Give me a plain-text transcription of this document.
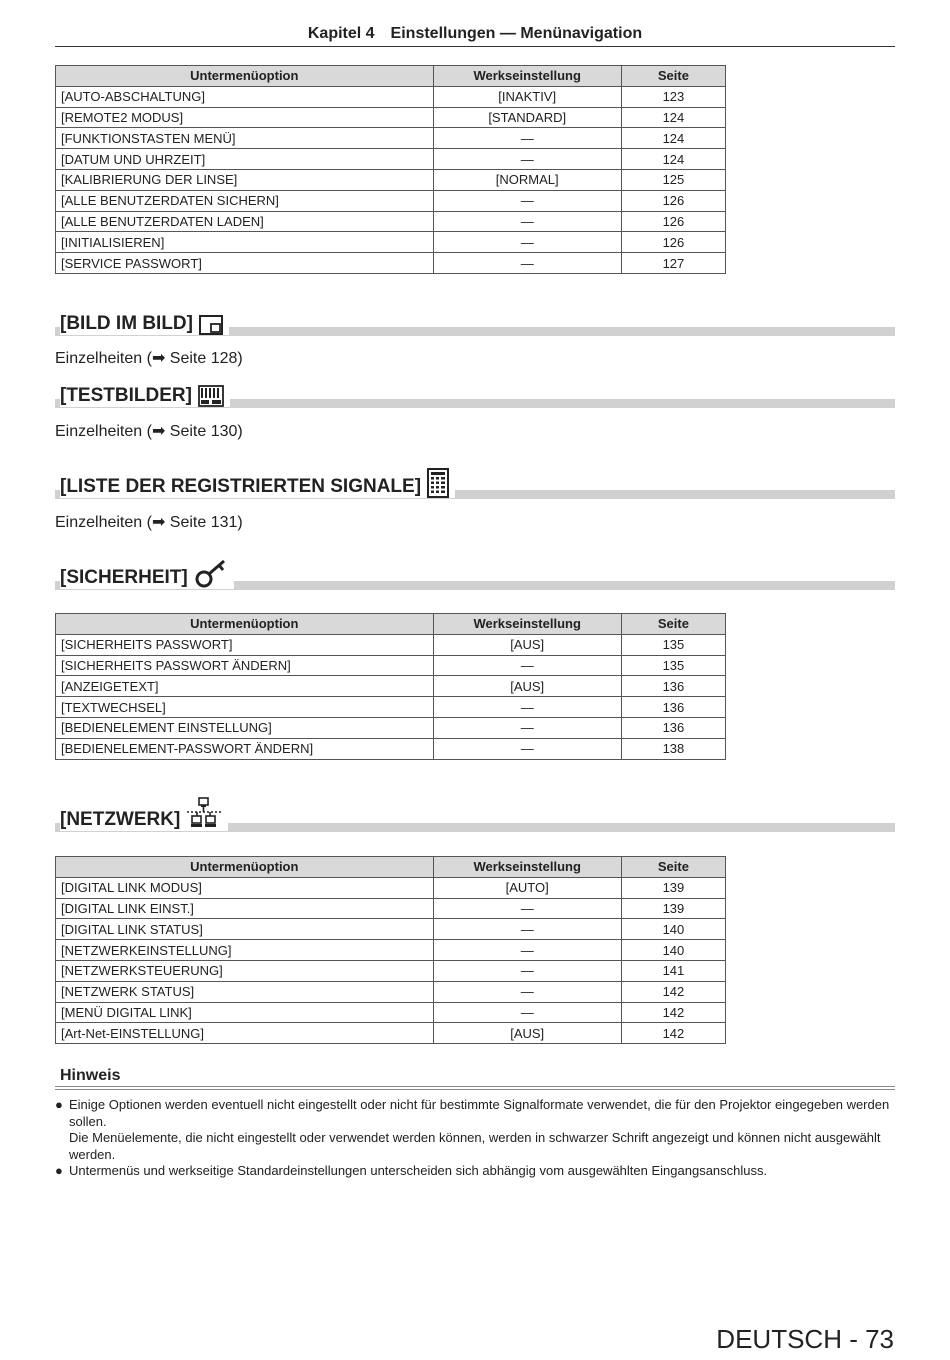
Kapitel 4 Einstellungen — Menünavigation
Untermenüoption	Werkseinstellung	Seite
[AUTO-ABSCHALTUNG]	[INAKTIV]	123
[REMOTE2 MODUS]	[STANDARD]	124
[FUNKTIONSTASTEN MENÜ]	—	124
[DATUM UND UHRZEIT]	—	124
[KALIBRIERUNG DER LINSE]	[NORMAL]	125
[ALLE BENUTZERDATEN SICHERN]	—	126
[ALLE BENUTZERDATEN LADEN]	—	126
[INITIALISIEREN]	—	126
[SERVICE PASSWORT]	—	127
[BILD IM BILD]
Einzelheiten (➡ Seite 128)
[TESTBILDER]
Einzelheiten (➡ Seite 130)
[LISTE DER REGISTRIERTEN SIGNALE]
Einzelheiten (➡ Seite 131)
[SICHERHEIT]
Untermenüoption	Werkseinstellung	Seite
[SICHERHEITS PASSWORT]	[AUS]	135
[SICHERHEITS PASSWORT ÄNDERN]	—	135
[ANZEIGETEXT]	[AUS]	136
[TEXTWECHSEL]	—	136
[BEDIENELEMENT EINSTELLUNG]	—	136
[BEDIENELEMENT-PASSWORT ÄNDERN]	—	138
[NETZWERK]
Untermenüoption	Werkseinstellung	Seite
[DIGITAL LINK MODUS]	[AUTO]	139
[DIGITAL LINK EINST.]	—	139
[DIGITAL LINK STATUS]	—	140
[NETZWERKEINSTELLUNG]	—	140
[NETZWERKSTEUERUNG]	—	141
[NETZWERK STATUS]	—	142
[MENÜ DIGITAL LINK]	—	142
[Art-Net-EINSTELLUNG]	[AUS]	142
Hinweis
● Einige Optionen werden eventuell nicht eingestellt oder nicht für bestimmte Signalformate verwendet, die für den Projektor eingegeben werden sollen.
Die Menüelemente, die nicht eingestellt oder verwendet werden können, werden in schwarzer Schrift angezeigt und können nicht ausgewählt werden.
● Untermenüs und werkseitige Standardeinstellungen unterscheiden sich abhängig vom ausgewählten Eingangsanschluss.
DEUTSCH - 73
